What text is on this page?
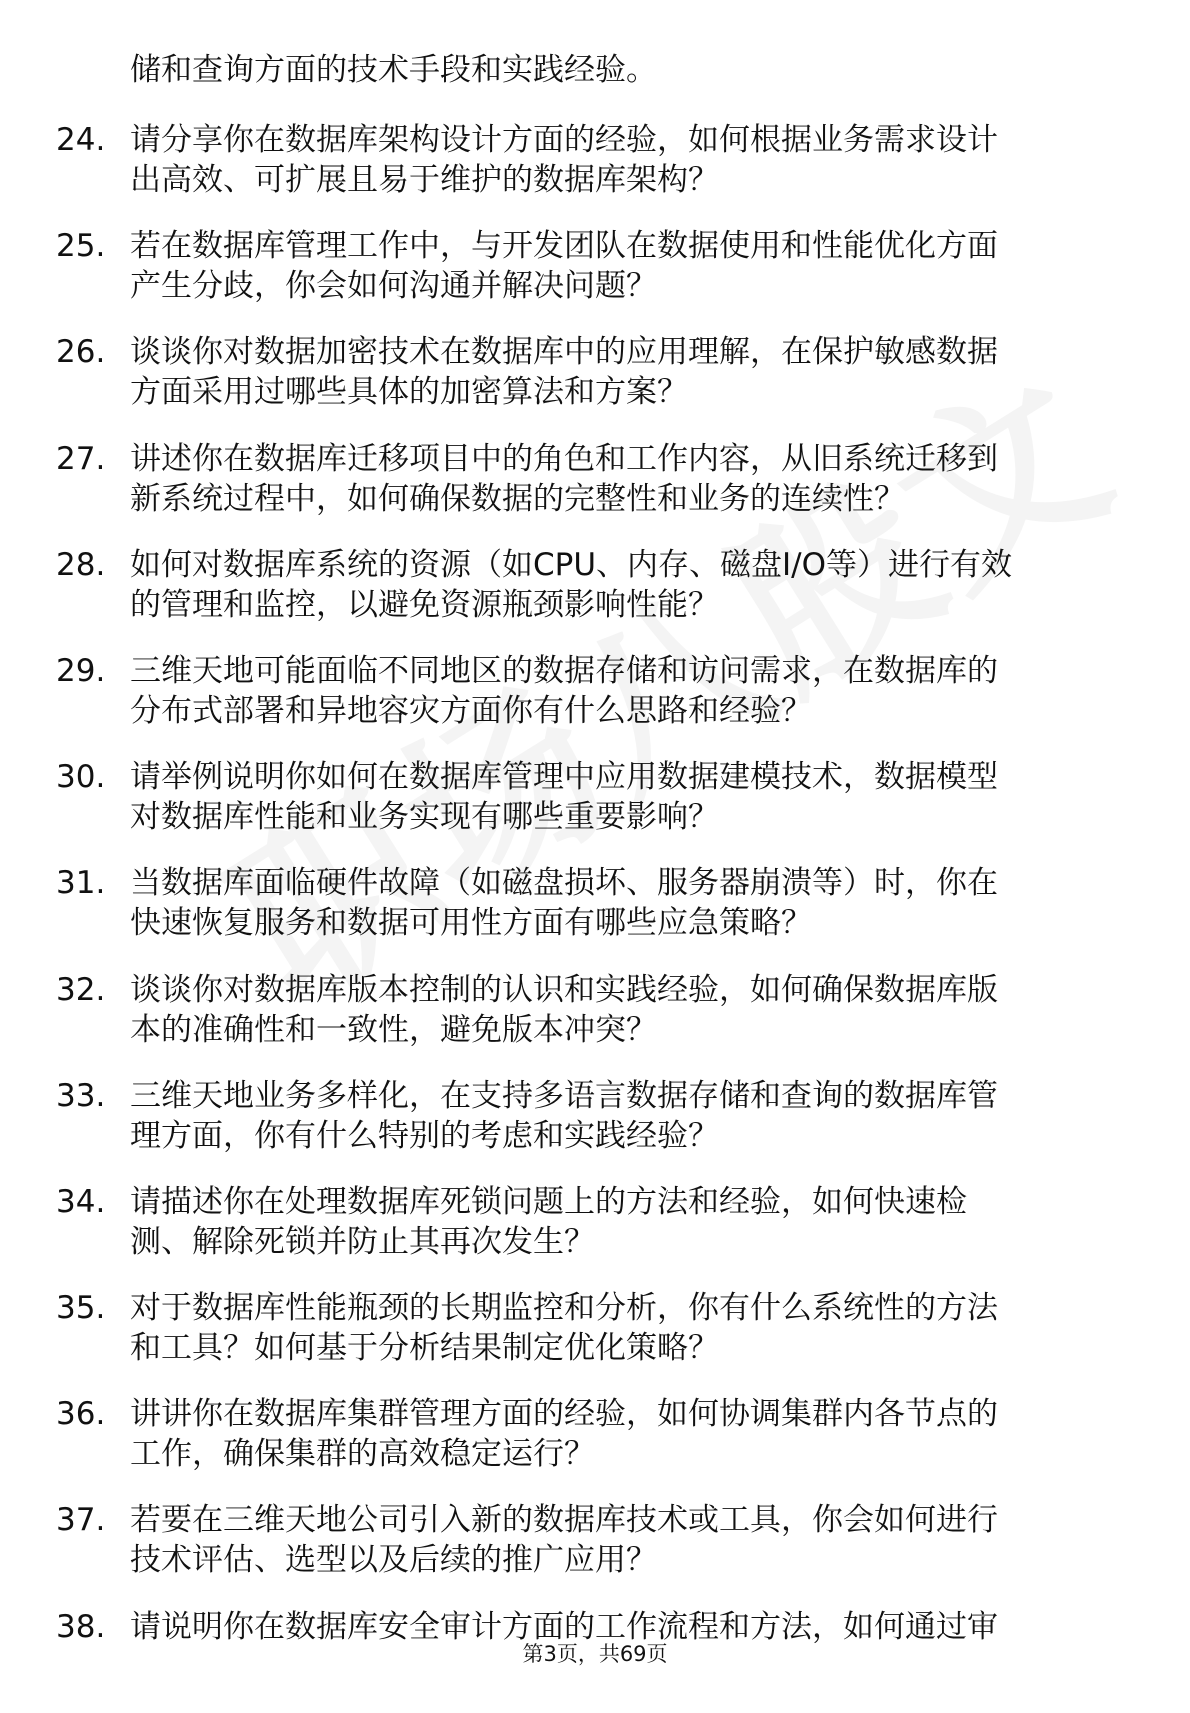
储和查询方面的技术手段和实践经验。
24. 请分享你在数据库架构设计方面的经验，如何根据业务需求设计
出高效、可扩展且易于维护的数据库架构？
25. 若在数据库管理工作中，与开发团队在数据使用和性能优化方面
产生分歧，你会如何沟通并解决问题？
26. 谈谈你对数据加密技术在数据库中的应用理解，在保护敏感数据
方面采用过哪些具体的加密算法和方案？
27. 讲述你在数据库迁移项目中的角色和工作内容，从旧系统迁移到
新系统过程中，如何确保数据的完整性和业务的连续性？
28. 如何对数据库系统的资源（如CPU、内存、磁盘I/O等）进行有效
的管理和监控，以避免资源瓶颈影响性能？
29. 三维天地可能面临不同地区的数据存储和访问需求，在数据库的
分布式部署和异地容灾方面你有什么思路和经验？
30. 请举例说明你如何在数据库管理中应用数据建模技术，数据模型
对数据库性能和业务实现有哪些重要影响？
31. 当数据库面临硬件故障（如磁盘损坏、服务器崩溃等）时，你在
快速恢复服务和数据可用性方面有哪些应急策略？
32. 谈谈你对数据库版本控制的认识和实践经验，如何确保数据库版
本的准确性和一致性，避免版本冲突？
33. 三维天地业务多样化，在支持多语言数据存储和查询的数据库管
理方面，你有什么特别的考虑和实践经验？
34. 请描述你在处理数据库死锁问题上的方法和经验，如何快速检
测、解除死锁并防止其再次发生？
35. 对于数据库性能瓶颈的长期监控和分析，你有什么系统性的方法
和工具？如何基于分析结果制定优化策略？
36. 讲讲你在数据库集群管理方面的经验，如何协调集群内各节点的
工作，确保集群的高效稳定运行？
37. 若要在三维天地公司引入新的数据库技术或工具，你会如何进行
技术评估、选型以及后续的推广应用？
38. 请说明你在数据库安全审计方面的工作流程和方法，如何通过审
第3页，共69页
